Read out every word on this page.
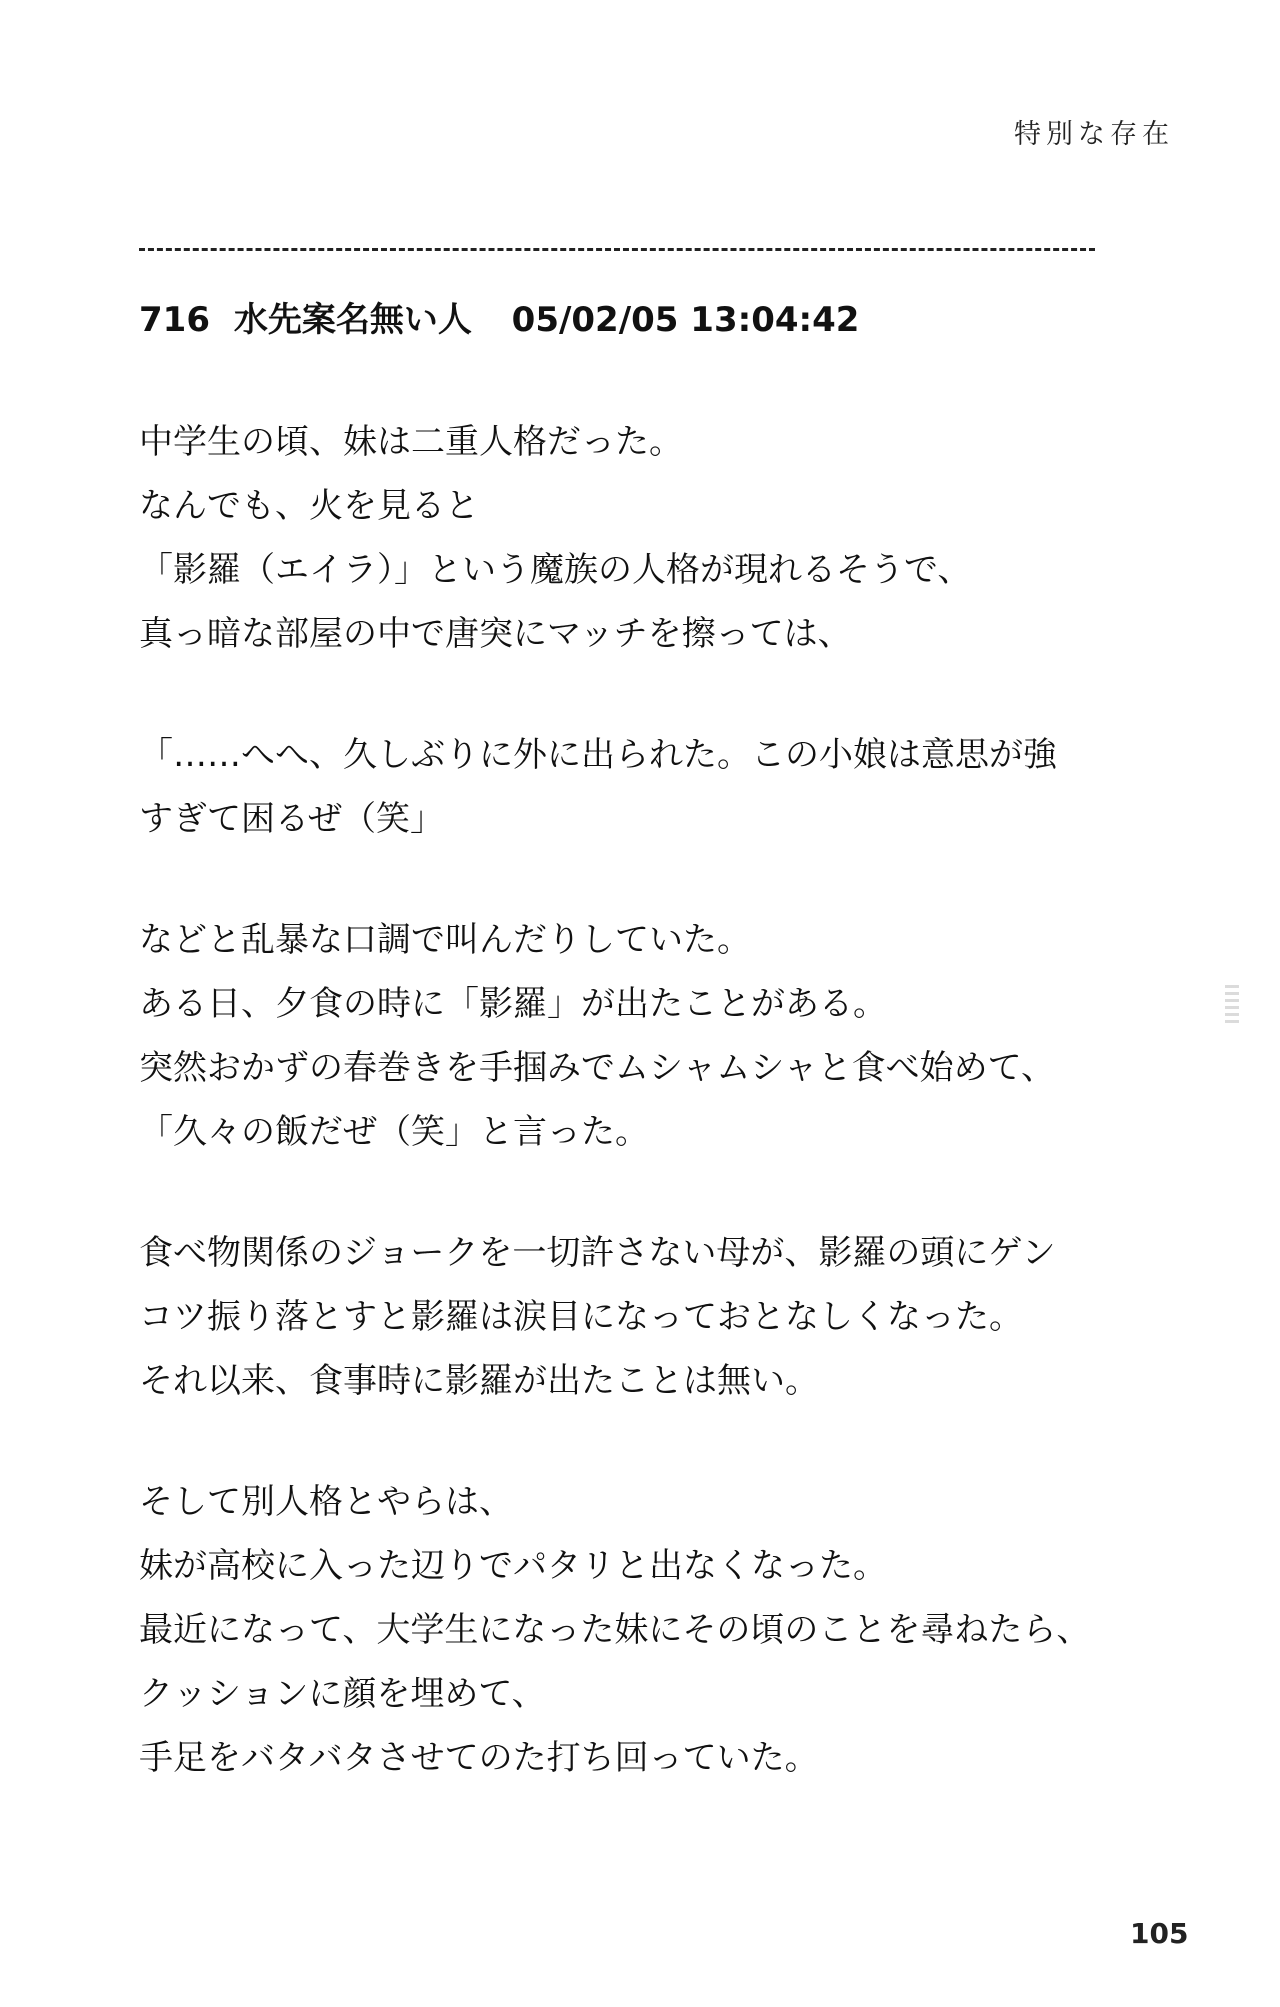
特別な存在
716 水先案名無い人 05/02/05 13:04:42
中学生の頃、妹は二重人格だった。
なんでも、火を見ると
「影羅（エイラ）」という魔族の人格が現れるそうで、
真っ暗な部屋の中で唐突にマッチを擦っては、
「……へへ、久しぶりに外に出られた。この小娘は意思が強
すぎて困るぜ（笑」
などと乱暴な口調で叫んだりしていた。
ある日、夕食の時に「影羅」が出たことがある。
突然おかずの春巻きを手掴みでムシャムシャと食べ始めて、
「久々の飯だぜ（笑」と言った。
食べ物関係のジョークを一切許さない母が、影羅の頭にゲン
コツ振り落とすと影羅は涙目になっておとなしくなった。
それ以来、食事時に影羅が出たことは無い。
そして別人格とやらは、
妹が高校に入った辺りでパタリと出なくなった。
最近になって、大学生になった妹にその頃のことを尋ねたら、
クッションに顔を埋めて、
手足をバタバタさせてのた打ち回っていた。
105
